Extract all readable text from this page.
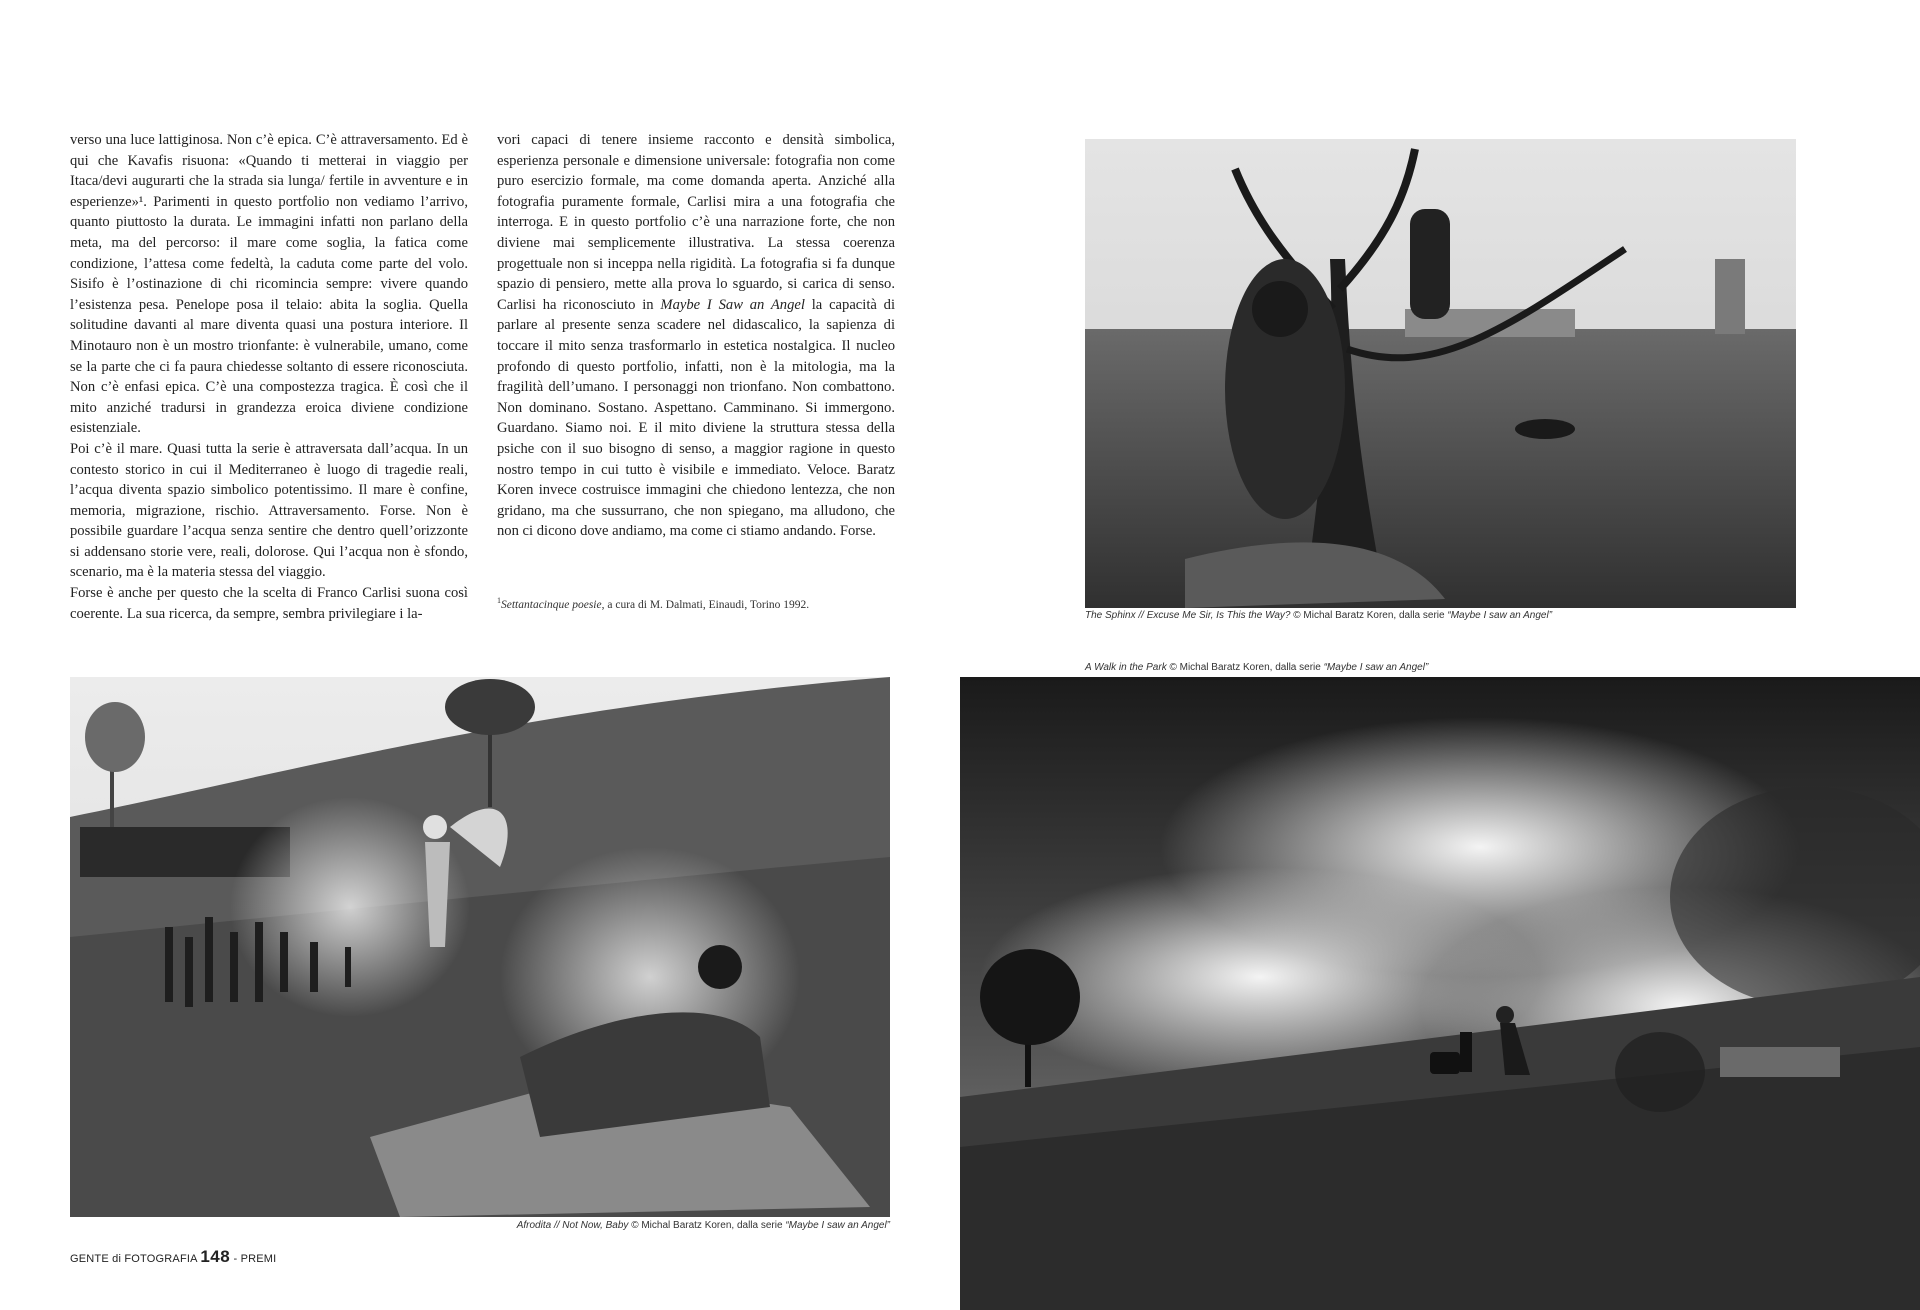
verso una luce lattiginosa. Non c’è epica. C’è attraversamento. Ed è qui che Kavafis risuona: «Quando ti metterai in viaggio per Itaca/devi augurarti che la strada sia lunga/ fertile in avventure e in esperienze»¹. Parimenti in questo portfolio non vediamo l’arrivo, quanto piuttosto la durata. Le immagini infatti non parlano della meta, ma del percorso: il mare come soglia, la fatica come condizione, l’attesa come fedeltà, la caduta come parte del volo. Sisifo è l’ostinazione di chi ricomincia sempre: vivere quando l’esistenza pesa. Penelope posa il telaio: abita la soglia. Quella solitudine davanti al mare diventa quasi una postura interiore. Il Minotauro non è un mostro trionfante: è vulnerabile, umano, come se la parte che ci fa paura chiedesse soltanto di essere riconosciuta. Non c’è enfasi epica. C’è una compostezza tragica. È così che il mito anziché tradursi in grandezza eroica diviene condizione esistenziale.

Poi c’è il mare. Quasi tutta la serie è attraversata dall’acqua. In un contesto storico in cui il Mediterraneo è luogo di tragedie reali, l’acqua diventa spazio simbolico potentissimo. Il mare è confine, memoria, migrazione, rischio. Attraversamento. Forse. Non è possibile guardare l’acqua senza sentire che dentro quell’orizzonte si addensano storie vere, reali, dolorose. Qui l’acqua non è sfondo, scenario, ma è la materia stessa del viaggio.

Forse è anche per questo che la scelta di Franco Carlisi suona così coerente. La sua ricerca, da sempre, sembra privilegiare i la-

vori capaci di tenere insieme racconto e densità simbolica, esperienza personale e dimensione universale: fotografia non come puro esercizio formale, ma come domanda aperta. Anziché alla fotografia puramente formale, Carlisi mira a una fotografia che interroga. E in questo portfolio c’è una narrazione forte, che non diviene mai semplicemente illustrativa. La stessa coerenza progettuale non si inceppa nella rigidità. La fotografia si fa dunque spazio di pensiero, mette alla prova lo sguardo, si carica di senso. Carlisi ha riconosciuto in Maybe I Saw an Angel la capacità di parlare al presente senza scadere nel didascalico, la sapienza di toccare il mito senza trasformarlo in estetica nostalgica. Il nucleo profondo di questo portfolio, infatti, non è la mitologia, ma la fragilità dell’umano. I personaggi non trionfano. Non combattono. Non dominano. Sostano. Aspettano. Camminano. Si immergono. Guardano. Siamo noi. E il mito diviene la struttura stessa della psiche con il suo bisogno di senso, a maggior ragione in questo nostro tempo in cui tutto è visibile e immediato. Veloce. Baratz Koren invece costruisce immagini che chiedono lentezza, che non gridano, ma che sussurrano, che non spiegano, ma alludono, che non ci dicono dove andiamo, ma come ci stiamo andando. Forse.

$^1$Settantacinque poesie, a cura di M. Dalmati, Einaudi, Torino 1992.
The Sphinx // Excuse Me Sir, Is This the Way? © Michal Baratz Koren, dalla serie “Maybe I saw an Angel”
A Walk in the Park © Michal Baratz Koren, dalla serie “Maybe I saw an Angel”
Afrodita // Not Now, Baby © Michal Baratz Koren, dalla serie “Maybe I saw an Angel”
GENTE di FOTOGRAFIA 148 - PREMI
